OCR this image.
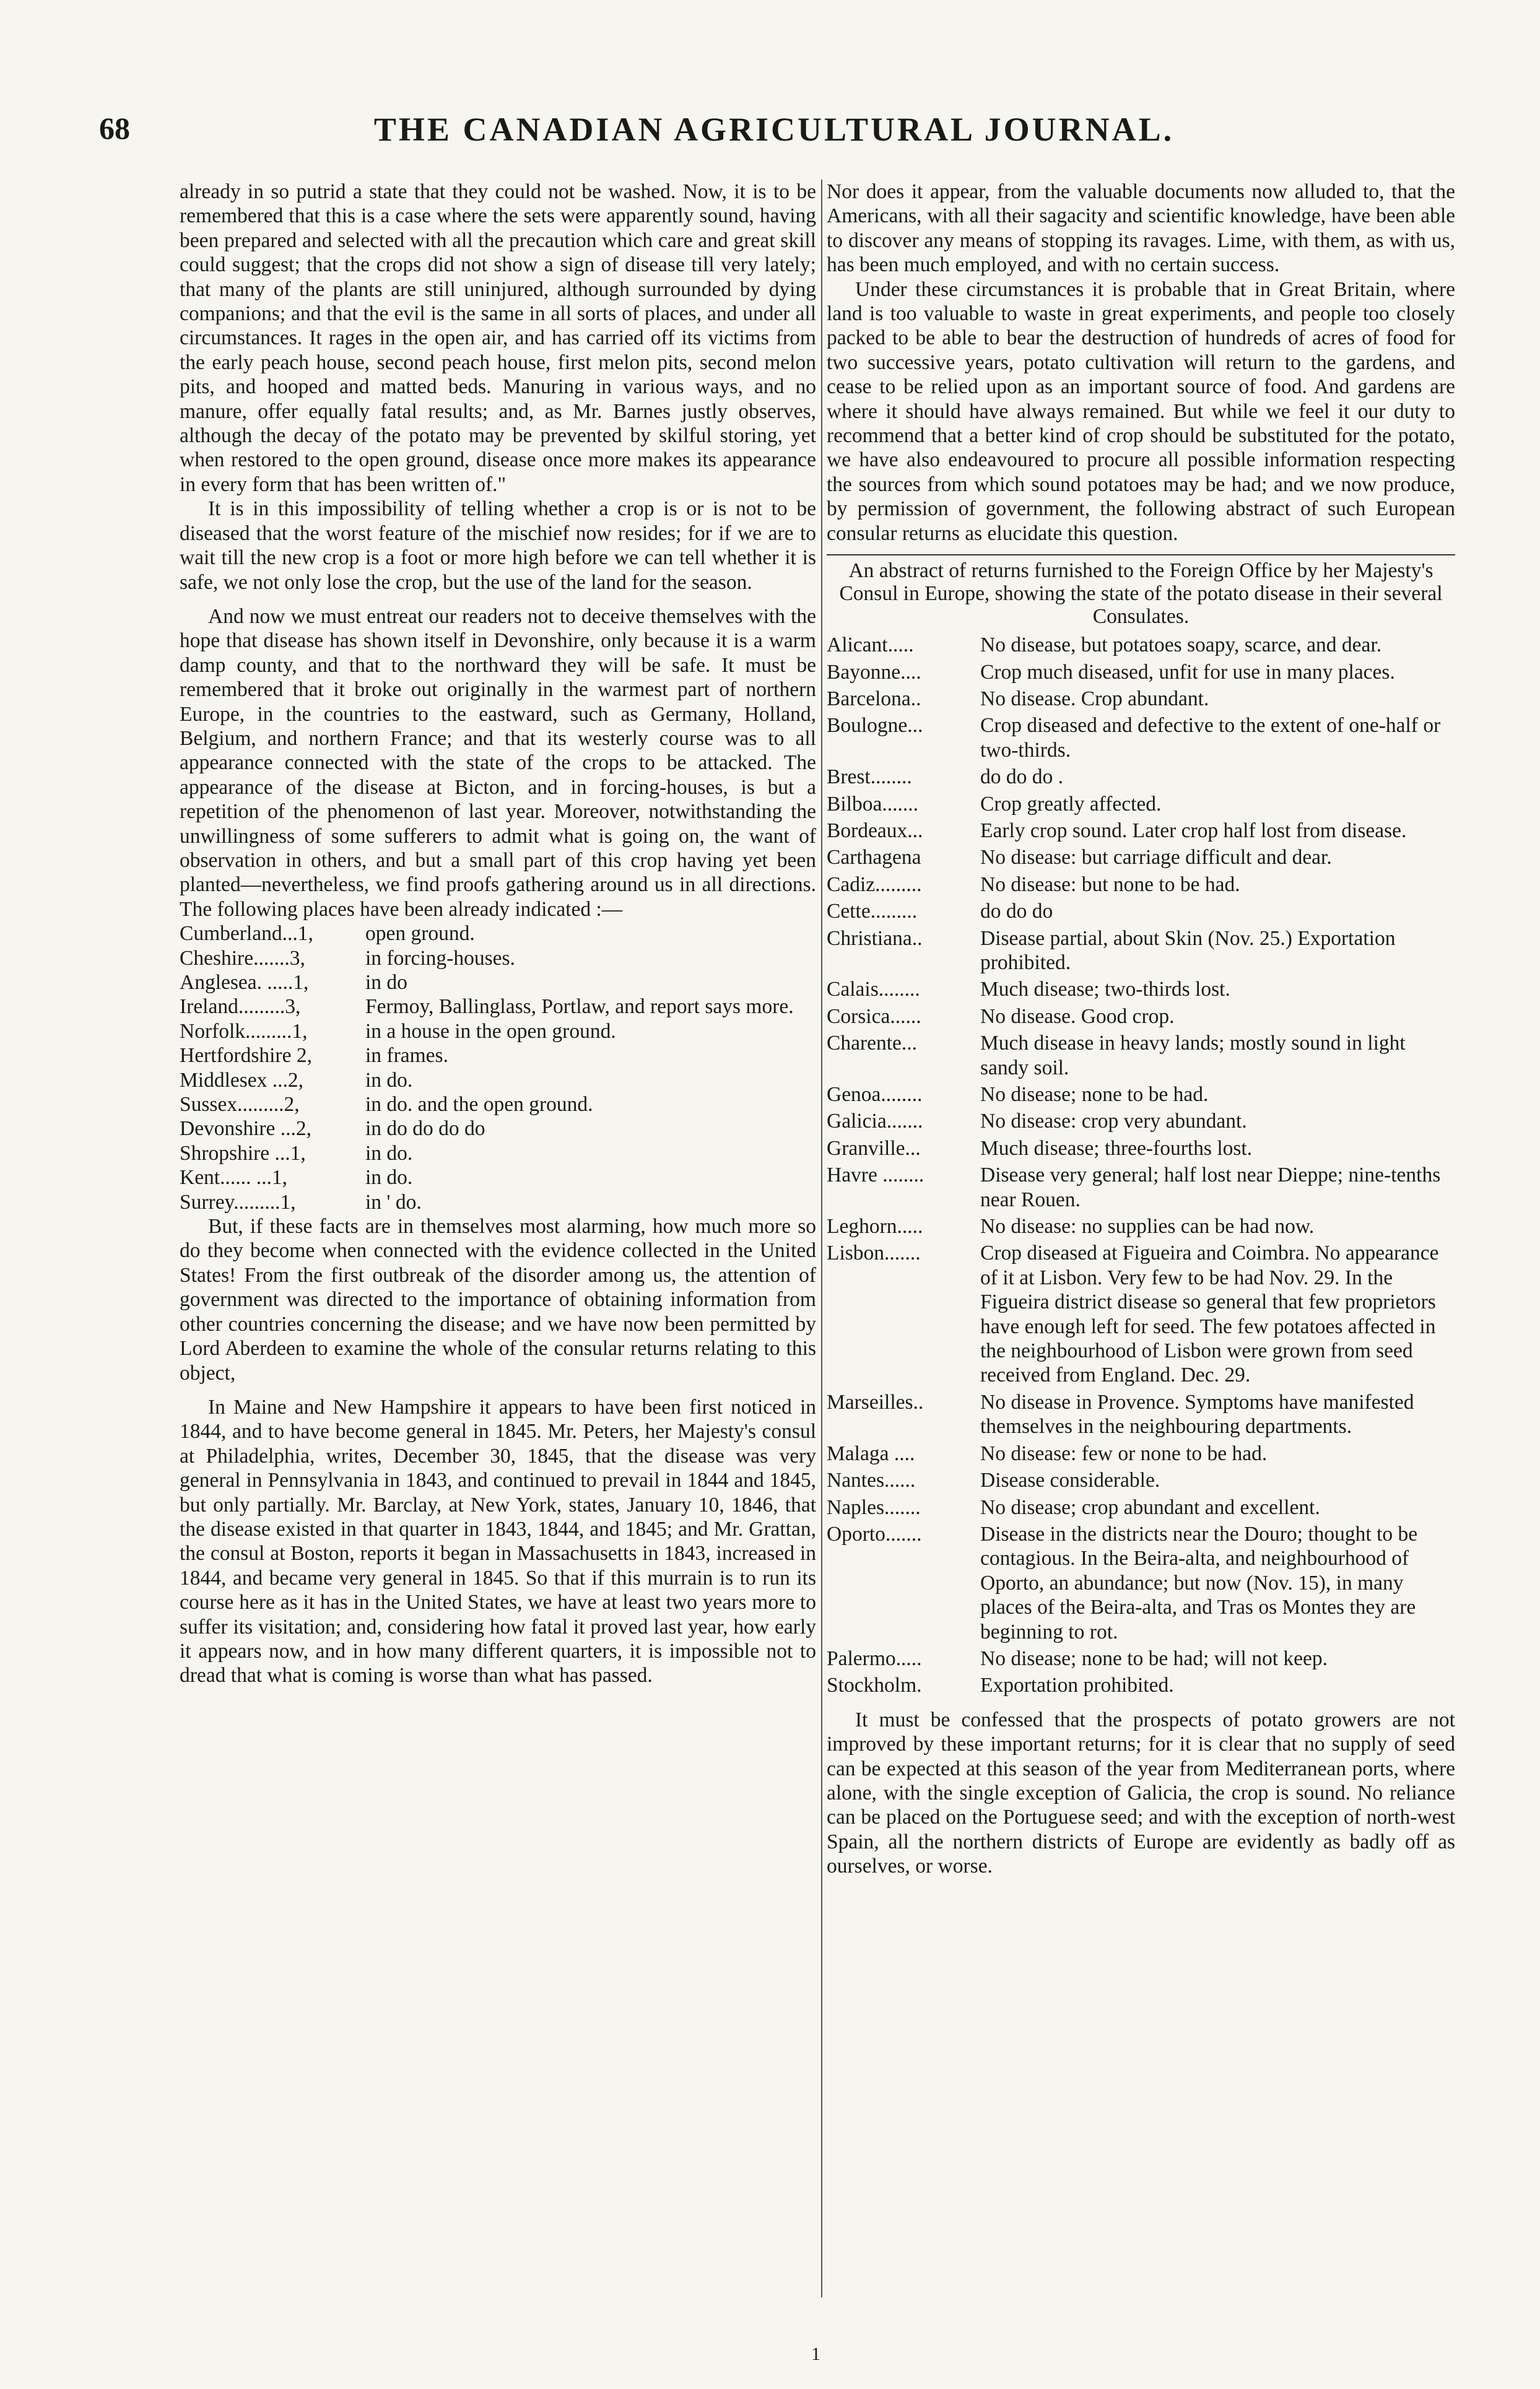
68	THE CANADIAN AGRICULTURAL JOURNAL.

already in so putrid a state that they could not be washed. Now, it is to be remembered that this is a case where the sets were apparently sound, having been prepared and selected with all the precaution which care and great skill could suggest; that the crops did not show a sign of disease till very lately; that many of the plants are still uninjured, although surrounded by dying companions; and that the evil is the same in all sorts of places, and under all circumstances. It rages in the open air, and has carried off its victims from the early peach house, second peach house, first melon pits, second melon pits, and hooped and matted beds. Manuring in various ways, and no manure, offer equally fatal results; and, as Mr. Barnes justly observes, although the decay of the potato may be prevented by skilful storing, yet when restored to the open ground, disease once more makes its appearance in every form that has been written of."

It is in this impossibility of telling whether a crop is or is not to be diseased that the worst feature of the mischief now resides; for if we are to wait till the new crop is a foot or more high before we can tell whether it is safe, we not only lose the crop, but the use of the land for the season.

And now we must entreat our readers not to deceive themselves with the hope that disease has shown itself in Devonshire, only because it is a warm damp county, and that to the northward they will be safe. It must be remembered that it broke out originally in the warmest part of northern Europe, in the countries to the eastward, such as Germany, Holland, Belgium, and northern France; and that its westerly course was to all appearance connected with the state of the crops to be attacked. The appearance of the disease at Bicton, and in forcing-houses, is but a repetition of the phenomenon of last year. Moreover, notwithstanding the unwillingness of some sufferers to admit what is going on, the want of observation in others, and but a small part of this crop having yet been planted—nevertheless, we find proofs gathering around us in all directions. The following places have been already indicated :—

Cumberland...1,	open ground.
Cheshire.......3,	in forcing-houses.
Anglesea. .....1,	in do
Ireland.........3,	Fermoy, Ballinglass, Portlaw, and report says more.
Norfolk.........1,	in a house in the open ground.
Hertfordshire 2,	in frames.
Middlesex ...2,	in do.
Sussex.........2,	in do. and the open ground.
Devonshire ...2,	in do do do do
Shropshire ...1,	in do.
Kent...... ...1,	in do.
Surrey.........1,	in ' do.

But, if these facts are in themselves most alarming, how much more so do they become when connected with the evidence collected in the United States! From the first outbreak of the disorder among us, the attention of government was directed to the importance of obtaining information from other countries concerning the disease; and we have now been permitted by Lord Aberdeen to examine the whole of the consular returns relating to this object,

In Maine and New Hampshire it appears to have been first noticed in 1844, and to have become general in 1845. Mr. Peters, her Majesty's consul at Philadelphia, writes, December 30, 1845, that the disease was very general in Pennsylvania in 1843, and continued to prevail in 1844 and 1845, but only partially. Mr. Barclay, at New York, states, January 10, 1846, that the disease existed in that quarter in 1843, 1844, and 1845; and Mr. Grattan, the consul at Boston, reports it began in Massachusetts in 1843, increased in 1844, and became very general in 1845. So that if this murrain is to run its course here as it has in the United States, we have at least two years more to suffer its visitation; and, considering how fatal it proved last year, how early it appears now, and in how many different quarters, it is impossible not to dread that what is coming is worse than what has passed.

Nor does it appear, from the valuable documents now alluded to, that the Americans, with all their sagacity and scientific knowledge, have been able to discover any means of stopping its ravages. Lime, with them, as with us, has been much employed, and with no certain success.

Under these circumstances it is probable that in Great Britain, where land is too valuable to waste in great experiments, and people too closely packed to be able to bear the destruction of hundreds of acres of food for two successive years, potato cultivation will return to the gardens, and cease to be relied upon as an important source of food. And gardens are where it should have always remained. But while we feel it our duty to recommend that a better kind of crop should be substituted for the potato, we have also endeavoured to procure all possible information respecting the sources from which sound potatoes may be had; and we now produce, by permission of government, the following abstract of such European consular returns as elucidate this question.

An abstract of returns furnished to the Foreign Office by her Majesty's Consul in Europe, showing the state of the potato disease in their several Consulates.

Alicant.....	No disease, but potatoes soapy, scarce, and dear.
Bayonne....	Crop much diseased, unfit for use in many places.
Barcelona..	No disease. Crop abundant.
Boulogne...	Crop diseased and defective to the extent of one-half or two-thirds.
Brest........	do do do .
Bilboa.......	Crop greatly affected.
Bordeaux...	Early crop sound. Later crop half lost from disease.
Carthagena	No disease: but carriage difficult and dear.
Cadiz.........	No disease: but none to be had.
Cette.........	do do do
Christiana..	Disease partial, about Skin (Nov. 25.) Exportation prohibited.
Calais........	Much disease; two-thirds lost.
Corsica......	No disease. Good crop.
Charente...	Much disease in heavy lands; mostly sound in light sandy soil.
Genoa........	No disease; none to be had.
Galicia.......	No disease: crop very abundant.
Granville...	Much disease; three-fourths lost.
Havre ........	Disease very general; half lost near Dieppe; nine-tenths near Rouen.
Leghorn.....	No disease: no supplies can be had now.
Lisbon.......	Crop diseased at Figueira and Coimbra. No appearance of it at Lisbon. Very few to be had Nov. 29. In the Figueira district disease so general that few proprietors have enough left for seed. The few potatoes affected in the neighbourhood of Lisbon were grown from seed received from England. Dec. 29.
Marseilles..	No disease in Provence. Symptoms have manifested themselves in the neighbouring departments.
Malaga ....	No disease: few or none to be had.
Nantes......	Disease considerable.
Naples.......	No disease; crop abundant and excellent.
Oporto.......	Disease in the districts near the Douro; thought to be contagious. In the Beira-alta, and neighbourhood of Oporto, an abundance; but now (Nov. 15), in many places of the Beira-alta, and Tras os Montes they are beginning to rot.
Palermo.....	No disease; none to be had; will not keep.
Stockholm.	Exportation prohibited.

It must be confessed that the prospects of potato growers are not improved by these important returns; for it is clear that no supply of seed can be expected at this season of the year from Mediterranean ports, where alone, with the single exception of Galicia, the crop is sound. No reliance can be placed on the Portuguese seed; and with the exception of north-west Spain, all the northern districts of Europe are evidently as badly off as ourselves, or worse.

1
